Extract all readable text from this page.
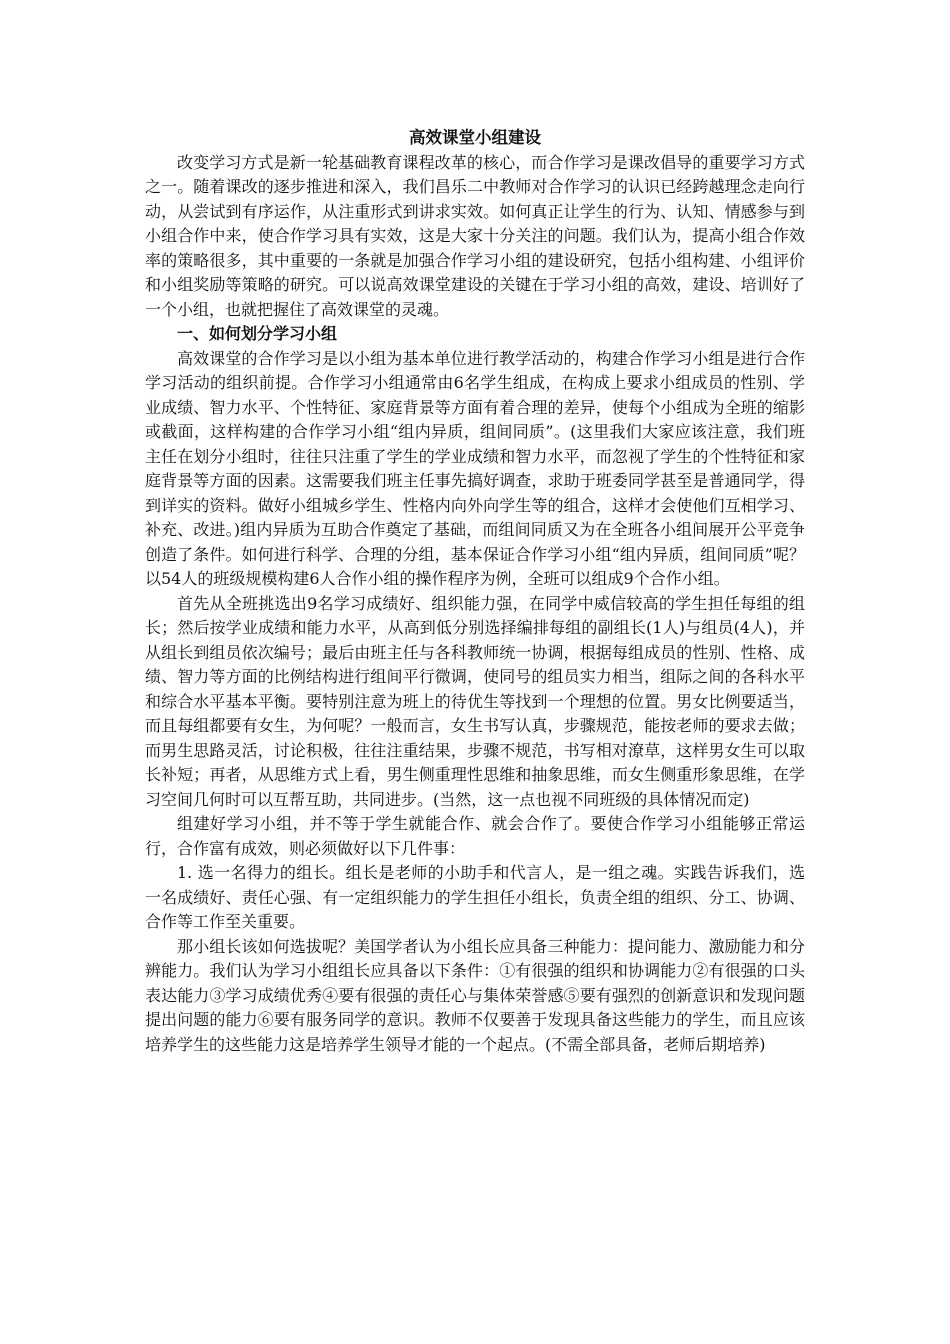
高效课堂小组建设

改变学习方式是新一轮基础教育课程改革的核心，而合作学习是课改倡导的重要学习方式之一。随着课改的逐步推进和深入，我们昌乐二中教师对合作学习的认识已经跨越理念走向行动，从尝试到有序运作，从注重形式到讲求实效。如何真正让学生的行为、认知、情感参与到小组合作中来，使合作学习具有实效，这是大家十分关注的问题。我们认为，提高小组合作效率的策略很多，其中重要的一条就是加强合作学习小组的建设研究，包括小组构建、小组评价和小组奖励等策略的研究。可以说高效课堂建设的关键在于学习小组的高效，建设、培训好了一个小组，也就把握住了高效课堂的灵魂。

一、如何划分学习小组

高效课堂的合作学习是以小组为基本单位进行教学活动的，构建合作学习小组是进行合作学习活动的组织前提。合作学习小组通常由6名学生组成，在构成上要求小组成员的性别、学业成绩、智力水平、个性特征、家庭背景等方面有着合理的差异，使每个小组成为全班的缩影或截面，这样构建的合作学习小组“组内异质，组间同质”。(这里我们大家应该注意，我们班主任在划分小组时，往往只注重了学生的学业成绩和智力水平，而忽视了学生的个性特征和家庭背景等方面的因素。这需要我们班主任事先搞好调查，求助于班委同学甚至是普通同学，得到详实的资料。做好小组城乡学生、性格内向外向学生等的组合，这样才会使他们互相学习、补充、改进。)组内异质为互助合作奠定了基础，而组间同质又为在全班各小组间展开公平竞争创造了条件。如何进行科学、合理的分组，基本保证合作学习小组“组内异质，组间同质”呢？以54人的班级规模构建6人合作小组的操作程序为例，全班可以组成9个合作小组。

首先从全班挑选出9名学习成绩好、组织能力强，在同学中威信较高的学生担任每组的组长；然后按学业成绩和能力水平，从高到低分别选择编排每组的副组长(1人)与组员(4人)，并从组长到组员依次编号；最后由班主任与各科教师统一协调，根据每组成员的性别、性格、成绩、智力等方面的比例结构进行组间平行微调，使同号的组员实力相当，组际之间的各科水平和综合水平基本平衡。要特别注意为班上的待优生等找到一个理想的位置。男女比例要适当，而且每组都要有女生，为何呢？一般而言，女生书写认真，步骤规范，能按老师的要求去做；而男生思路灵活，讨论积极，往往注重结果，步骤不规范，书写相对潦草，这样男女生可以取长补短；再者，从思维方式上看，男生侧重理性思维和抽象思维，而女生侧重形象思维，在学习空间几何时可以互帮互助，共同进步。(当然，这一点也视不同班级的具体情况而定)

组建好学习小组，并不等于学生就能合作、就会合作了。要使合作学习小组能够正常运行，合作富有成效，则必须做好以下几件事：

1. 选一名得力的组长。组长是老师的小助手和代言人，是一组之魂。实践告诉我们，选一名成绩好、责任心强、有一定组织能力的学生担任小组长，负责全组的组织、分工、协调、合作等工作至关重要。

那小组长该如何选拔呢？美国学者认为小组长应具备三种能力：提问能力、激励能力和分辨能力。我们认为学习小组组长应具备以下条件：①有很强的组织和协调能力②有很强的口头表达能力③学习成绩优秀④要有很强的责任心与集体荣誉感⑤要有强烈的创新意识和发现问题提出问题的能力⑥要有服务同学的意识。教师不仅要善于发现具备这些能力的学生，而且应该培养学生的这些能力这是培养学生领导才能的一个起点。(不需全部具备，老师后期培养)
